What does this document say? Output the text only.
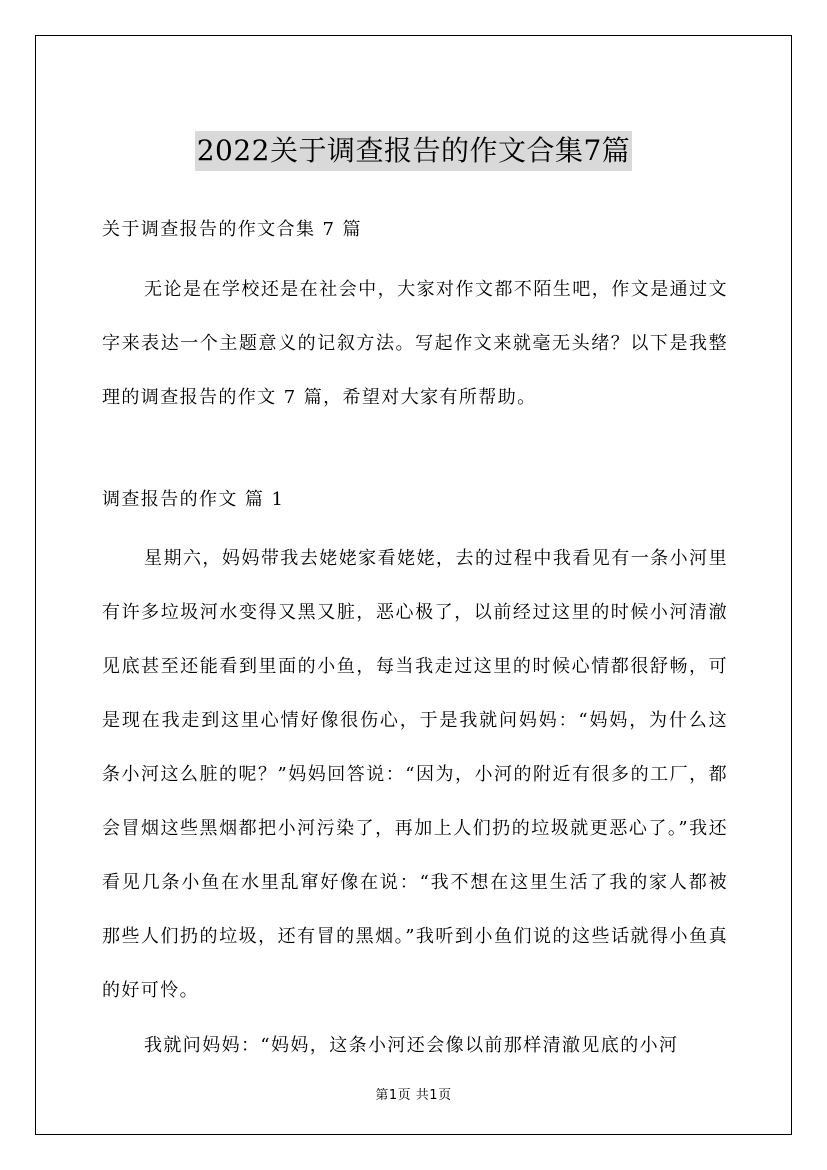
2022关于调查报告的作文合集7篇
关于调查报告的作文合集 7 篇
无论是在学校还是在社会中，大家对作文都不陌生吧，作文是通过文字来表达一个主题意义的记叙方法。写起作文来就毫无头绪？以下是我整理的调查报告的作文 7 篇，希望对大家有所帮助。
调查报告的作文 篇 1
星期六，妈妈带我去姥姥家看姥姥，去的过程中我看见有一条小河里有许多垃圾河水变得又黑又脏，恶心极了，以前经过这里的时候小河清澈见底甚至还能看到里面的小鱼，每当我走过这里的时候心情都很舒畅，可是现在我走到这里心情好像很伤心，于是我就问妈妈：“妈妈，为什么这条小河这么脏的呢？”妈妈回答说：“因为，小河的附近有很多的工厂，都会冒烟这些黑烟都把小河污染了，再加上人们扔的垃圾就更恶心了。”我还看见几条小鱼在水里乱窜好像在说：“我不想在这里生活了我的家人都被那些人们扔的垃圾，还有冒的黑烟。”我听到小鱼们说的这些话就得小鱼真的好可怜。
我就问妈妈：“妈妈，这条小河还会像以前那样清澈见底的小河
第1页 共1页
